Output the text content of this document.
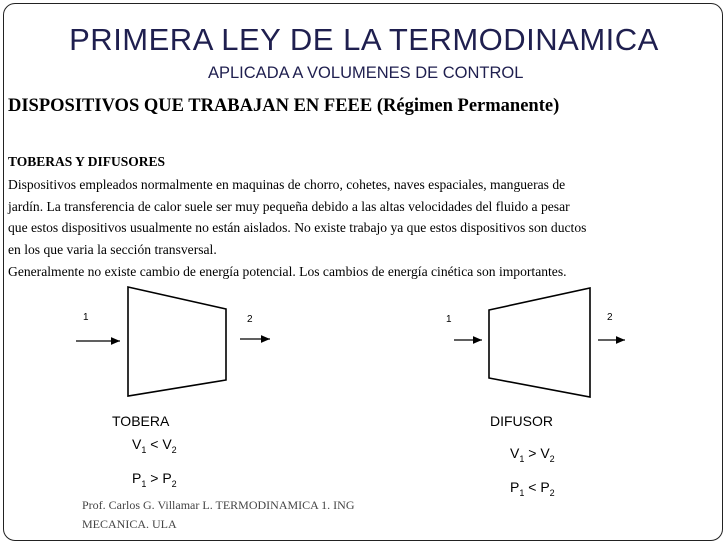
PRIMERA LEY DE LA TERMODINAMICA
APLICADA A VOLUMENES DE CONTROL
DISPOSITIVOS QUE TRABAJAN EN FEEE (Régimen Permanente)
TOBERAS Y DIFUSORES

Dispositivos empleados normalmente en maquinas de chorro, cohetes, naves espaciales, mangueras de

jardín. La transferencia de calor suele ser muy pequeña debido a las altas velocidades del fluido a pesar

que estos dispositivos usualmente no están aislados. No existe trabajo ya que estos dispositivos son ductos

en los que varia la sección transversal.

Generalmente no existe cambio de energía potencial. Los cambios de energía cinética son importantes.

1	2	1	2
TOBERA	DIFUSOR
$V_1 < V_2$
$P_1 > P_2$
$V_1 > V_2$
$P_1 < P_2$
Prof. Carlos G. Villamar L. TERMODINAMICA 1. ING
MECANICA. ULA
